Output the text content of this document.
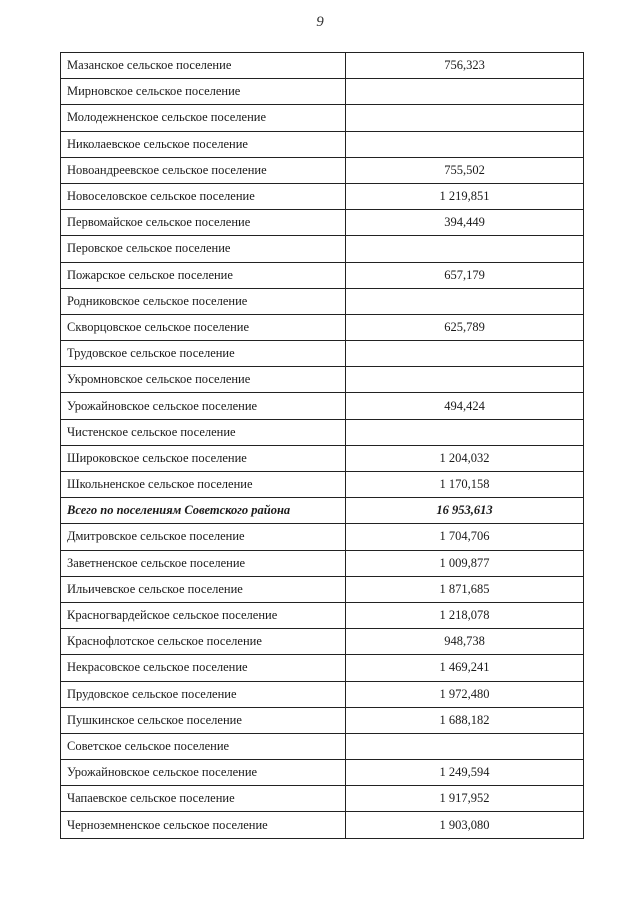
9
Мазанское сельское поселение	756,323
Мирновское сельское поселение	
Молодежненское сельское поселение	
Николаевское сельское поселение	
Новоандреевское сельское поселение	755,502
Новоселовское сельское поселение	1 219,851
Первомайское сельское поселение	394,449
Перовское сельское поселение	
Пожарское сельское поселение	657,179
Родниковское сельское поселение	
Скворцовское сельское поселение	625,789
Трудовское сельское поселение	
Укромновское сельское поселение	
Урожайновское сельское поселение	494,424
Чистенское сельское поселение	
Широковское сельское поселение	1 204,032
Школьненское сельское поселение	1 170,158
Всего по поселениям Советского района	16 953,613
Дмитровское сельское поселение	1 704,706
Заветненское сельское поселение	1 009,877
Ильичевское сельское поселение	1 871,685
Красногвардейское сельское поселение	1 218,078
Краснофлотское сельское поселение	948,738
Некрасовское сельское поселение	1 469,241
Прудовское сельское поселение	1 972,480
Пушкинское сельское поселение	1 688,182
Советское сельское поселение	
Урожайновское сельское поселение	1 249,594
Чапаевское сельское поселение	1 917,952
Черноземненское сельское поселение	1 903,080
